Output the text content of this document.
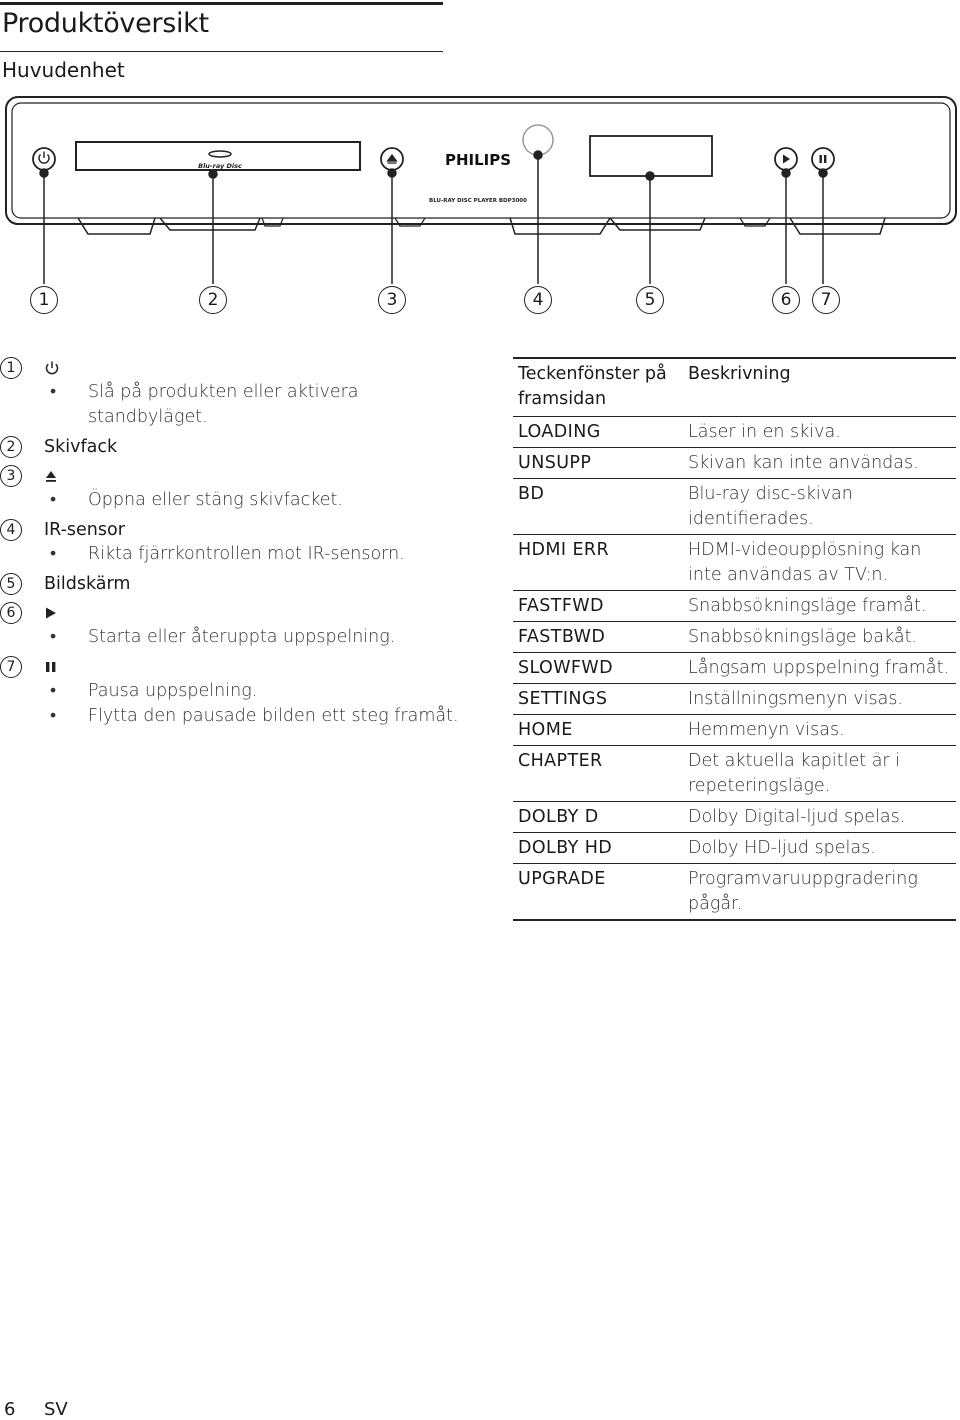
Produktöversikt
Huvudenhet
Blu-ray Disc	PHILIPS
BLU-RAY DISC PLAYER BDP3000
1	2	3	4	5	6	7
1
• Slå på produkten eller aktivera standbyläget.
2	Skivfack
3
• Öppna eller stäng skivfacket.
4	IR-sensor
• Rikta fjärrkontrollen mot IR-sensorn.
5	Bildskärm
6
• Starta eller återuppta uppspelning.
7
• Pausa uppspelning.
• Flytta den pausade bilden ett steg framåt.
Teckenfönster på framsidan
Beskrivning
LOADING	Läser in en skiva.
UNSUPP	Skivan kan inte användas.
BD	Blu-ray disc-skivan identifierades.
HDMI ERR	HDMI-videoupplösning kan inte användas av TV:n.
FASTFWD	Snabbsökningsläge framåt.
FASTBWD	Snabbsökningsläge bakåt.
SLOWFWD	Långsam uppspelning framåt.
SETTINGS	Inställningsmenyn visas.
HOME	Hemmenyn visas.
CHAPTER	Det aktuella kapitlet är i repeteringsläge.
DOLBY D	Dolby Digital-ljud spelas.
DOLBY HD	Dolby HD-ljud spelas.
UPGRADE	Programvaruuppgradering pågår.
6 SV
